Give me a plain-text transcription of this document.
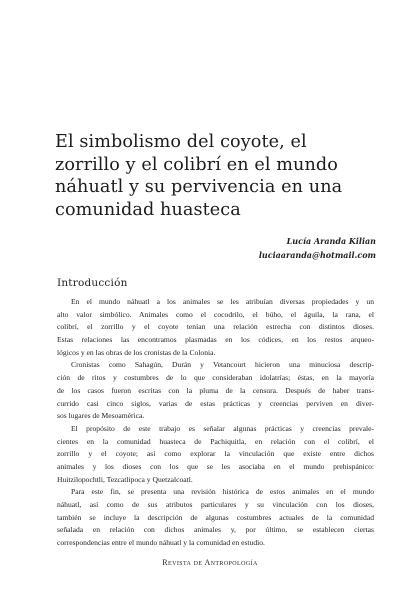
El simbolismo del coyote, el
zorrillo y el colibrí en el mundo
náhuatl y su pervivencia en una
comunidad huasteca
Lucía Aranda Kilian
luciaaranda@hotmail.com
Introducción
En el mundo náhuatl a los animales se les atribuían diversas propiedades y un
alto valor simbólico. Animales como el cocodrilo, el búho, el águila, la rana, el
colibrí, el zorrillo y el coyote tenían una relación estrecha con distintos dioses.
Estas relaciones las encontramos plasmadas en los códices, en los restos arqueo-
lógicos y en las obras de los cronistas de la Colonia.
Cronistas como Sahagún, Durán y Vetancourt hicieron una minuciosa descrip-
ción de ritos y costumbres de lo que consideraban idolatrías; éstas, en la mayoría
de los casos fueron escritas con la pluma de la censura. Después de haber trans-
currido casi cinco siglos, varias de estas prácticas y creencias perviven en diver-
sos lugares de Mesoamérica.
El propósito de este trabajo es señalar algunas prácticas y creencias prevale-
cientes en la comunidad huasteca de Pachiquitla, en relación con el colibrí, el
zorrillo y el coyote; así como explorar la vinculación que existe entre dichos
animales y los dioses con los que se les asociaba en el mundo prehispánico:
Huitzilopochtli, Tezcatlipoca y Quetzalcoatl.
Para este fin, se presenta una revisión histórica de estos animales en el mundo
náhuatl, así como de sus atributos particulares y su vinculación con los dioses,
también se incluye la descripción de algunas costumbres actuales de la comunidad
señalada en relación con dichos animales y, por último, se establecen ciertas
correspondencias entre el mundo náhuatl y la comunidad en estudio.
Revista de Antropología
